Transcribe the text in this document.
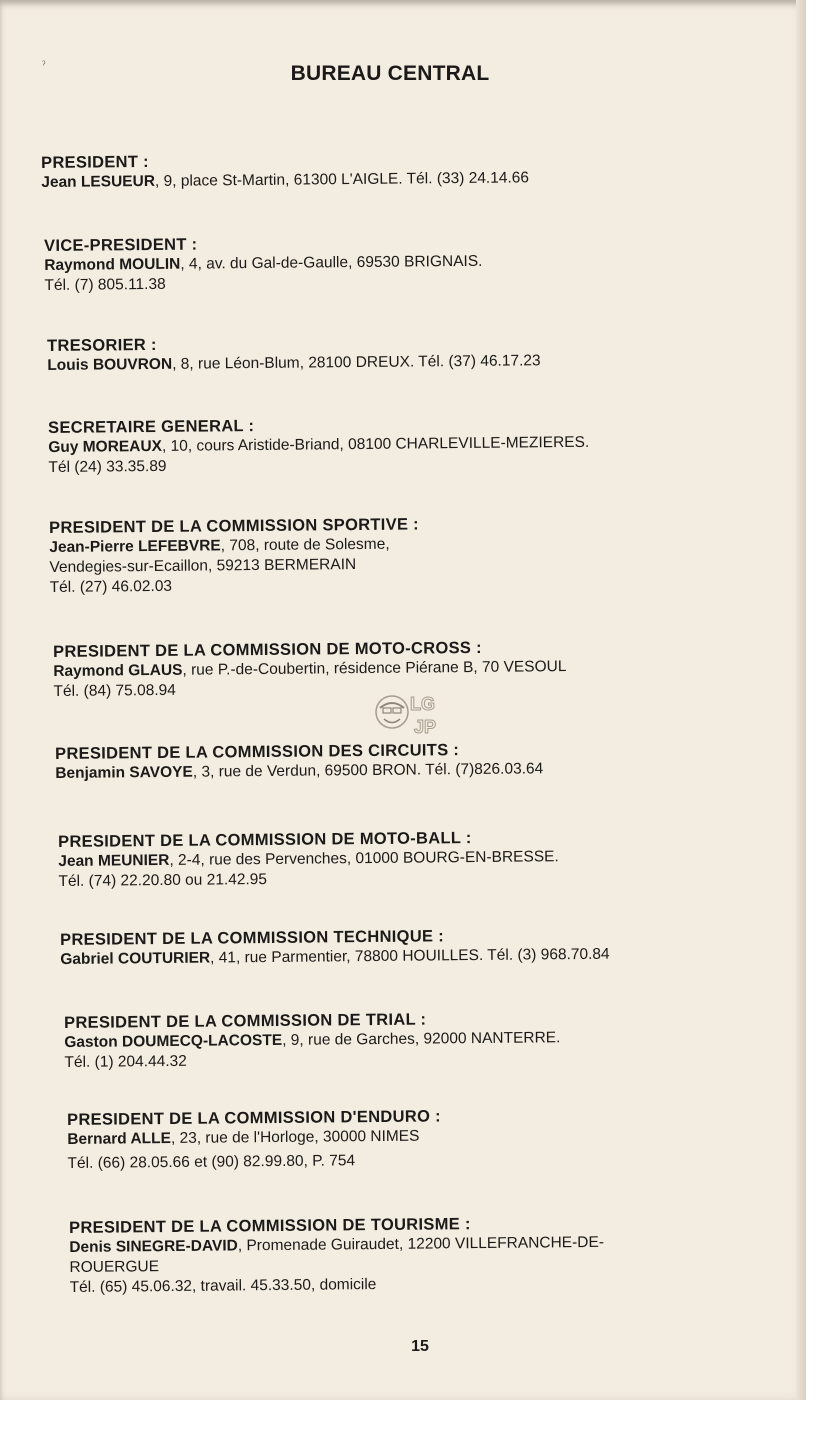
ˀ	BUREAU CENTRAL
PRESIDENT :
Jean LESUEUR, 9, place St-Martin, 61300 L'AIGLE. Tél. (33) 24.14.66
VICE-PRESIDENT :
Raymond MOULIN, 4, av. du Gal-de-Gaulle, 69530 BRIGNAIS.
Tél. (7) 805.11.38
TRESORIER :
Louis BOUVRON, 8, rue Léon-Blum, 28100 DREUX. Tél. (37) 46.17.23
SECRETAIRE GENERAL :
Guy MOREAUX, 10, cours Aristide-Briand, 08100 CHARLEVILLE-MEZIERES.
Tél (24) 33.35.89
PRESIDENT DE LA COMMISSION SPORTIVE :
Jean-Pierre LEFEBVRE, 708, route de Solesme,
Vendegies-sur-Ecaillon, 59213 BERMERAIN
Tél. (27) 46.02.03
PRESIDENT DE LA COMMISSION DE MOTO-CROSS :
Raymond GLAUS, rue P.-de-Coubertin, résidence Piérane B, 70 VESOUL
Tél. (84) 75.08.94
LG
JP
PRESIDENT DE LA COMMISSION DES CIRCUITS :
Benjamin SAVOYE, 3, rue de Verdun, 69500 BRON. Tél. (7)826.03.64
PRESIDENT DE LA COMMISSION DE MOTO-BALL :
Jean MEUNIER, 2-4, rue des Pervenches, 01000 BOURG-EN-BRESSE.
Tél. (74) 22.20.80 ou 21.42.95
PRESIDENT DE LA COMMISSION TECHNIQUE :
Gabriel COUTURIER, 41, rue Parmentier, 78800 HOUILLES. Tél. (3) 968.70.84
PRESIDENT DE LA COMMISSION DE TRIAL :
Gaston DOUMECQ-LACOSTE, 9, rue de Garches, 92000 NANTERRE.
Tél. (1) 204.44.32
PRESIDENT DE LA COMMISSION D'ENDURO :
Bernard ALLE, 23, rue de l'Horloge, 30000 NIMES
Tél. (66) 28.05.66 et (90) 82.99.80, P. 754
PRESIDENT DE LA COMMISSION DE TOURISME :
Denis SINEGRE-DAVID, Promenade Guiraudet, 12200 VILLEFRANCHE-DE-
ROUERGUE
Tél. (65) 45.06.32, travail. 45.33.50, domicile
15
